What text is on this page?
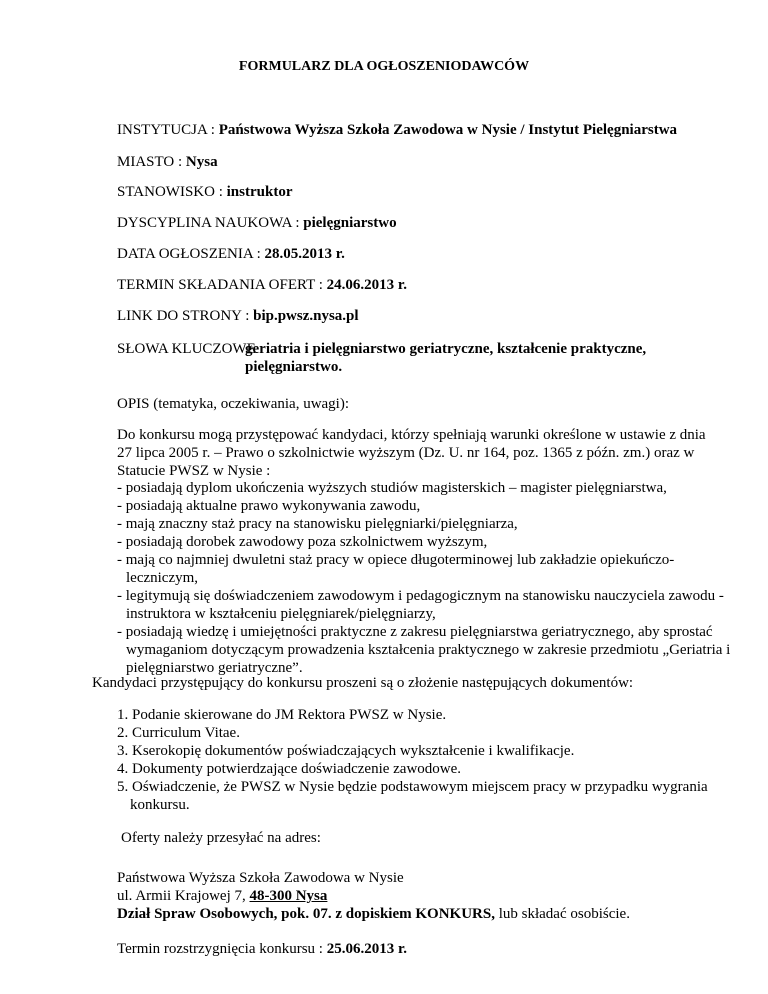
FORMULARZ DLA OGŁOSZENIODAWCÓW
INSTYTUCJA : Państwowa Wyższa Szkoła Zawodowa w Nysie / Instytut Pielęgniarstwa
MIASTO : Nysa
STANOWISKO : instruktor
DYSCYPLINA NAUKOWA : pielęgniarstwo
DATA OGŁOSZENIA : 28.05.2013 r.
TERMIN SKŁADANIA OFERT : 24.06.2013 r.
LINK DO STRONY : bip.pwsz.nysa.pl
SŁOWA KLUCZOWE :
geriatria i pielęgniarstwo geriatryczne, kształcenie praktyczne, pielęgniarstwo.
OPIS (tematyka, oczekiwania, uwagi):
Do konkursu mogą przystępować kandydaci, którzy spełniają warunki określone w ustawie z dnia 27 lipca 2005 r. – Prawo o szkolnictwie wyższym (Dz. U. nr 164, poz. 1365 z późn. zm.) oraz w Statucie PWSZ w Nysie :
- posiadają dyplom ukończenia wyższych studiów magisterskich – magister pielęgniarstwa,
- posiadają aktualne prawo wykonywania zawodu,
- mają znaczny staż pracy na stanowisku pielęgniarki/pielęgniarza,
- posiadają dorobek zawodowy poza szkolnictwem wyższym,
- mają co najmniej dwuletni staż pracy w opiece długoterminowej lub zakładzie opiekuńczo-leczniczym,
- legitymują się doświadczeniem zawodowym i pedagogicznym na stanowisku nauczyciela zawodu - instruktora w kształceniu pielęgniarek/pielęgniarzy,
- posiadają wiedzę i umiejętności praktyczne z zakresu pielęgniarstwa geriatrycznego, aby sprostać wymaganiom dotyczącym prowadzenia kształcenia praktycznego w zakresie przedmiotu „Geriatria i pielęgniarstwo geriatryczne”.
Kandydaci przystępujący do konkursu proszeni są o złożenie następujących dokumentów:
1. Podanie skierowane do JM Rektora PWSZ w Nysie.
2. Curriculum Vitae.
3. Kserokopię dokumentów poświadczających wykształcenie i kwalifikacje.
4. Dokumenty potwierdzające doświadczenie zawodowe.
5. Oświadczenie, że PWSZ w Nysie będzie podstawowym miejscem pracy w przypadku wygrania konkursu.
Oferty należy przesyłać na adres:
Państwowa Wyższa Szkoła Zawodowa w Nysie
ul. Armii Krajowej 7, 48-300 Nysa
Dział Spraw Osobowych, pok. 07. z dopiskiem KONKURS, lub składać osobiście.
Termin rozstrzygnięcia konkursu : 25.06.2013 r.
